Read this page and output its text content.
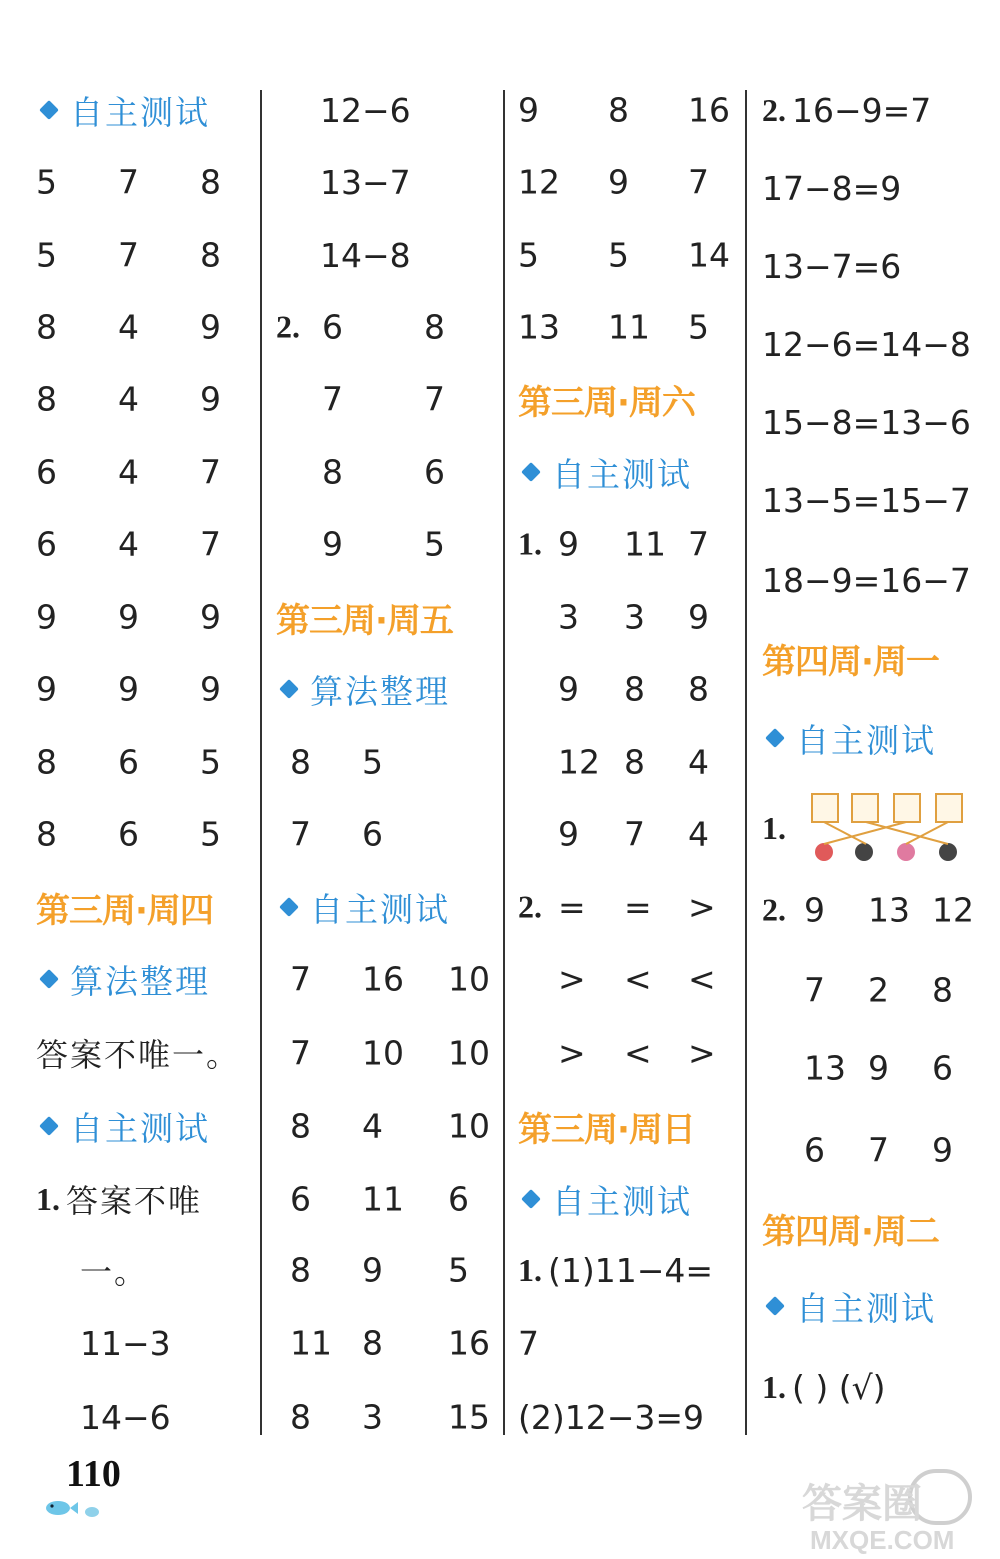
自主测试
5 7 8
5 7 8
8 4 9
8 4 9
6 4 7
6 4 7
9 9 9
9 9 9
8 6 5
8 6 5
第三周·周四
算法整理
答案不唯一。
自主测试
1. 答案不唯
一。
11−3
14−6
12−6
13−7
14−8
2. 6 8
7 7
8 6
9 5
第三周·周五
算法整理
8 5
7 6
自主测试
7 16 10
7 10 10
8 4 10
6 11 6
8 9 5
11 8 16
8 3 15
9 8 16
12 9 7
5 5 14
13 11 5
第三周·周六
自主测试
1. 9 11 7
3 3 9
9 8 8
12 8 4
9 7 4
2. = = >
> < <
> < >
第三周·周日
自主测试
1. (1)11−4=
7
(2)12−3=9
2. 16−9=7
17−8=9
13−7=6
12−6=14−8
15−8=13−6
13−5=15−7
18−9=16−7
第四周·周一
自主测试
1.
2. 9 13 12
7 2 8
13 9 6
6 7 9
第四周·周二
自主测试
1. ( ) (√)
110
答案圈
MXQE.COM
